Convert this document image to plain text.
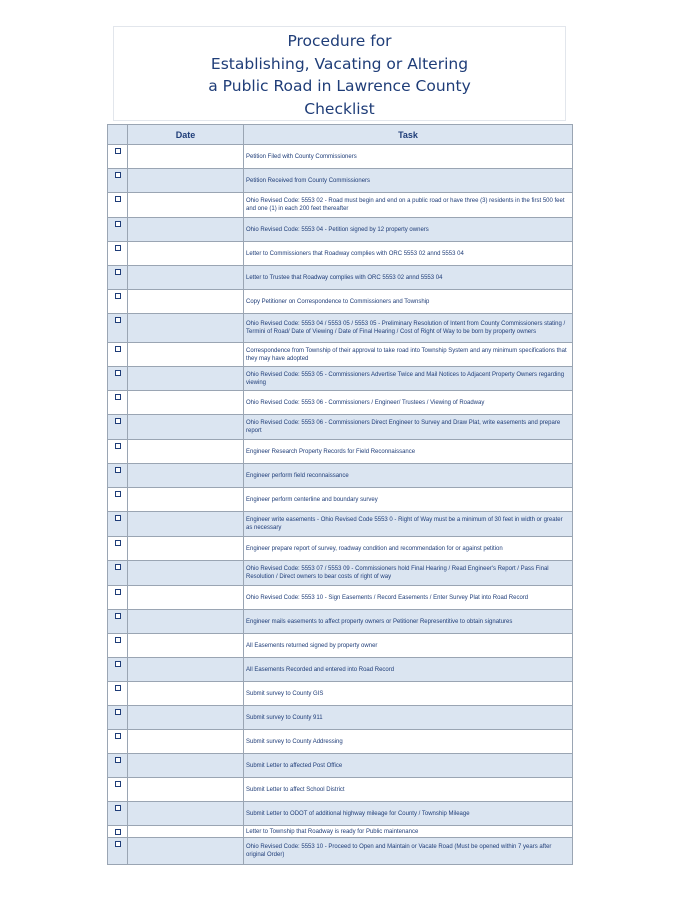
Procedure for
Establishing, Vacating or Altering
a Public Road in Lawrence County
Checklist
	Date	Task
		Petition Filed with County Commissioners
		Petition Received from County Commissioners
		Ohio Revised Code: 5553 02 - Road must begin and end on a public road or have three (3) residents in the first 500 feet and one (1) in each 200 feet thereafter
		Ohio Revised Code: 5553 04 - Petition signed by 12 property owners
		Letter to Commissioners that Roadway complies with ORC 5553 02 annd 5553 04
		Letter to Trustee that Roadway complies with ORC 5553 02 annd 5553 04
		Copy Petitioner on Correspondence to Commissioners and Township
		Ohio Revised Code: 5553 04 / 5553 05 / 5553 05 - Preliminary Resolution of Intent from County Commissioners stating / Termini of Road/ Date of Viewing / Date of Final Hearing / Cost of Right of Way to be born by property owners
		Correspondence from Township of their approval to take road into Township System and any minimum specifications that they may have adopted
		Ohio Revised Code: 5553 05 - Commissioners Advertise Twice and Mail Notices to Adjacent Property Owners regarding viewing
		Ohio Revised Code: 5553 06 - Commissioners / Engineer/ Trustees / Viewing of Roadway
		Ohio Revised Code: 5553 06 - Commissioners Direct Engineer to Survey and Draw Plat, write easements and prepare report
		Engineer Research Property Records for Field Reconnaissance
		Engineer perform field reconnaissance
		Engineer perform centerline and boundary survey
		Engineer write easements - Ohio Revised Code 5553 0 - Right of Way must be a minimum of 30 feet in width or greater as necessary
		Engineer prepare report of survey, roadway condition and recommendation for or against petition
		Ohio Revised Code: 5553 07 / 5553 09 - Commissioners hold Final Hearing / Read Engineer's Report / Pass Final Resolution / Direct owners to bear costs of right of way
		Ohio Revised Code: 5553 10 - Sign Easements / Record Easements / Enter Survey Plat into Road Record
		Engineer mails easements to affect property owners or Petitioner Representitive to obtain signatures
		All Easements returned signed by property owner
		All Easements Recorded and entered into Road Record
		Submit survey to County GIS
		Submit survey to County 911
		Submit survey to County Addressing
		Submit Letter to affected Post Office
		Submit Letter to affect School District
		Submit Letter to ODOT of additional highway mileage for County / Township Mileage
		Letter to Township that Roadway is ready for Public maintenance
		Ohio Revised Code: 5553 10 - Proceed to Open and Maintain or Vacate Road (Must be opened within 7 years after original Order)
